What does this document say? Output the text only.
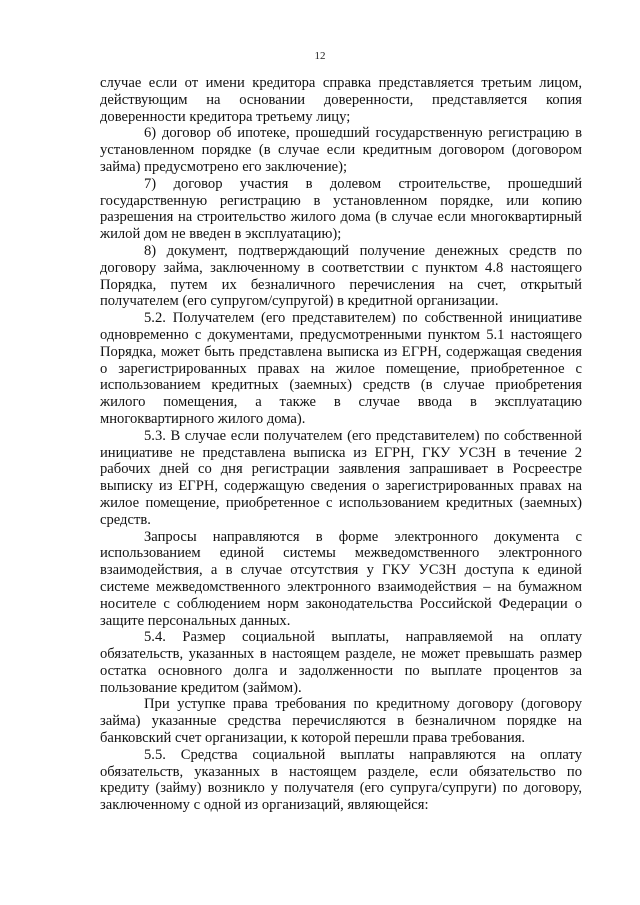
12

случае если от имени кредитора справка представляется третьим лицом, действующим на основании доверенности, представляется копия доверенности кредитора третьему лицу;

6) договор об ипотеке, прошедший государственную регистрацию в установленном порядке (в случае если кредитным договором (договором займа) предусмотрено его заключение);

7) договор участия в долевом строительстве, прошедший государственную регистрацию в установленном порядке, или копию разрешения на строительство жилого дома (в случае если многоквартирный жилой дом не введен в эксплуатацию);

8) документ, подтверждающий получение денежных средств по договору займа, заключенному в соответствии с пунктом 4.8 настоящего Порядка, путем их безналичного перечисления на счет, открытый получателем (его супругом/супругой) в кредитной организации.

5.2. Получателем (его представителем) по собственной инициативе одновременно с документами, предусмотренными пунктом 5.1 настоящего Порядка, может быть представлена выписка из ЕГРН, содержащая сведения о зарегистрированных правах на жилое помещение, приобретенное с использованием кредитных (заемных) средств (в случае приобретения жилого помещения, а также в случае ввода в эксплуатацию многоквартирного жилого дома).

5.3. В случае если получателем (его представителем) по собственной инициативе не представлена выписка из ЕГРН, ГКУ УСЗН в течение 2 рабочих дней со дня регистрации заявления запрашивает в Росреестре выписку из ЕГРН, содержащую сведения о зарегистрированных правах на жилое помещение, приобретенное с использованием кредитных (заемных) средств.

Запросы направляются в форме электронного документа с использованием единой системы межведомственного электронного взаимодействия, а в случае отсутствия у ГКУ УСЗН доступа к единой системе межведомственного электронного взаимодействия – на бумажном носителе с соблюдением норм законодательства Российской Федерации о защите персональных данных.

5.4. Размер социальной выплаты, направляемой на оплату обязательств, указанных в настоящем разделе, не может превышать размер остатка основного долга и задолженности по выплате процентов за пользование кредитом (займом).

При уступке права требования по кредитному договору (договору займа) указанные средства перечисляются в безналичном порядке на банковский счет организации, к которой перешли права требования.

5.5. Средства социальной выплаты направляются на оплату обязательств, указанных в настоящем разделе, если обязательство по кредиту (займу) возникло у получателя (его супруга/супруги) по договору, заключенному с одной из организаций, являющейся:
